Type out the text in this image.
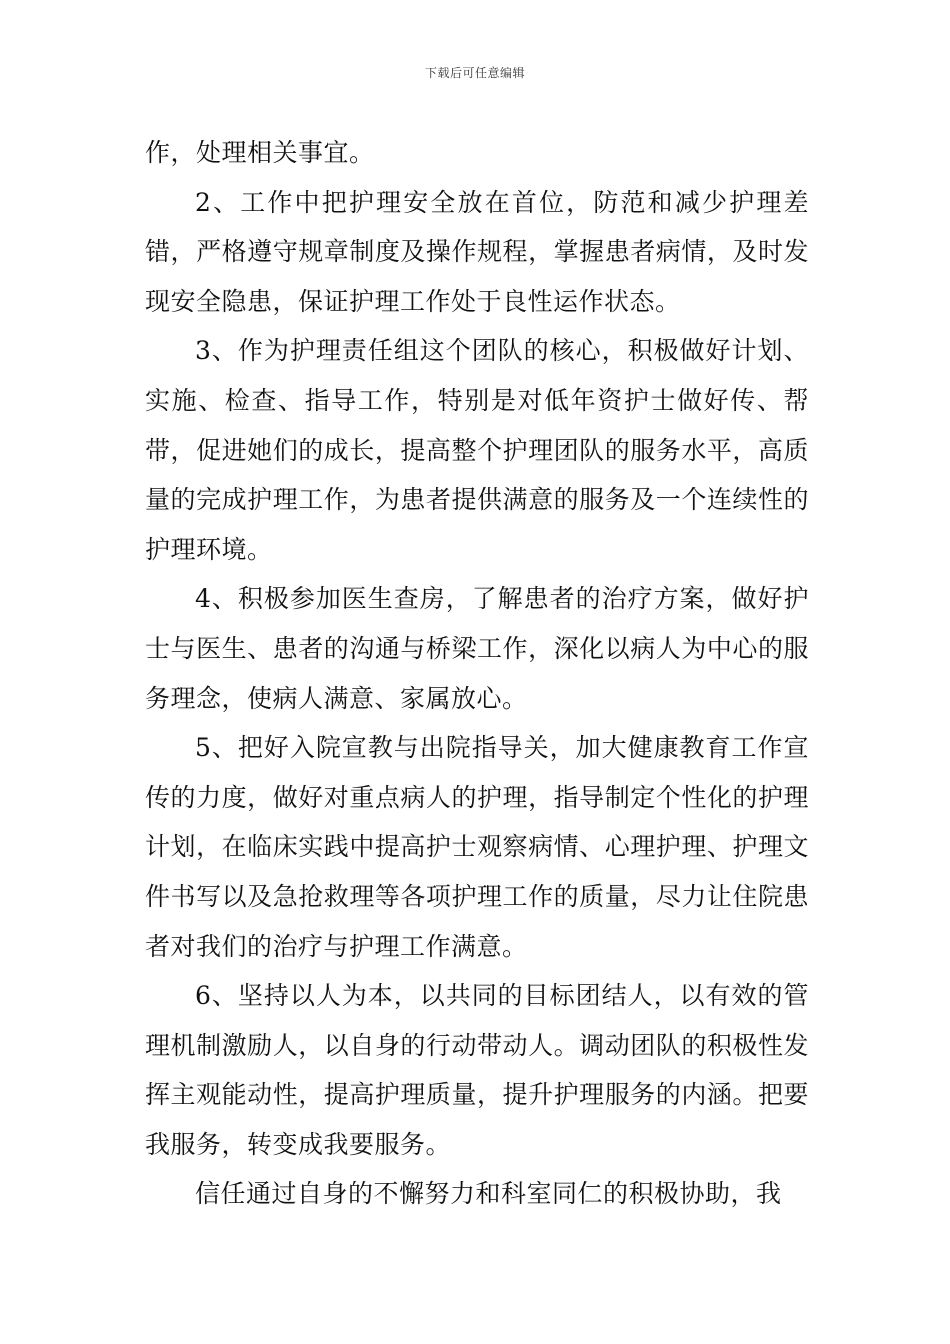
下载后可任意编辑

作，处理相关事宜。

2、工作中把护理安全放在首位，防范和减少护理差错，严格遵守规章制度及操作规程，掌握患者病情，及时发现安全隐患，保证护理工作处于良性运作状态。

3、作为护理责任组这个团队的核心，积极做好计划、实施、检查、指导工作，特别是对低年资护士做好传、帮带，促进她们的成长，提高整个护理团队的服务水平，高质量的完成护理工作，为患者提供满意的服务及一个连续性的护理环境。

4、积极参加医生查房，了解患者的治疗方案，做好护士与医生、患者的沟通与桥梁工作，深化以病人为中心的服务理念，使病人满意、家属放心。

5、把好入院宣教与出院指导关，加大健康教育工作宣传的力度，做好对重点病人的护理，指导制定个性化的护理计划，在临床实践中提高护士观察病情、心理护理、护理文件书写以及急抢救理等各项护理工作的质量，尽力让住院患者对我们的治疗与护理工作满意。

6、坚持以人为本，以共同的目标团结人，以有效的管理机制激励人，以自身的行动带动人。调动团队的积极性发挥主观能动性，提高护理质量，提升护理服务的内涵。把要我服务，转变成我要服务。

信任通过自身的不懈努力和科室同仁的积极协助，我
